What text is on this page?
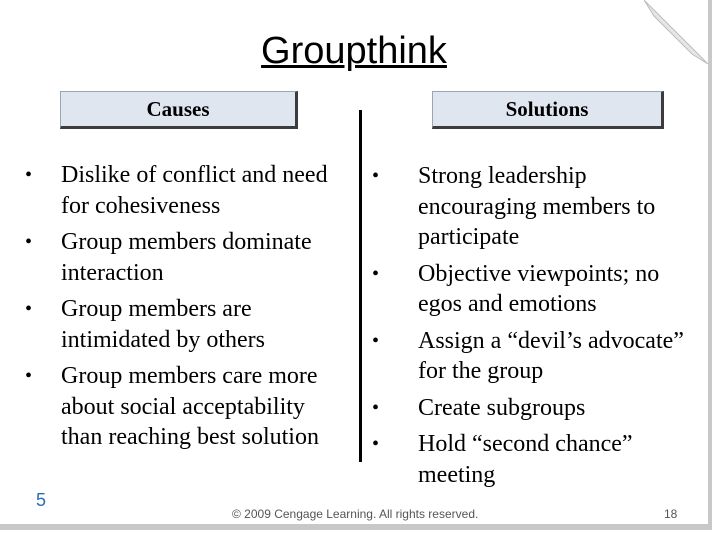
Groupthink
Causes	Solutions
• Dislike of conflict and need for cohesiveness
• Group members dominate interaction
• Group members are intimidated by others
• Group members care more about social acceptability than reaching best solution
• Strong leadership encouraging members to participate
• Objective viewpoints; no egos and emotions
• Assign a “devil’s advocate” for the group
• Create subgroups
• Hold “second chance” meeting
5
© 2009 Cengage Learning. All rights reserved.	18
